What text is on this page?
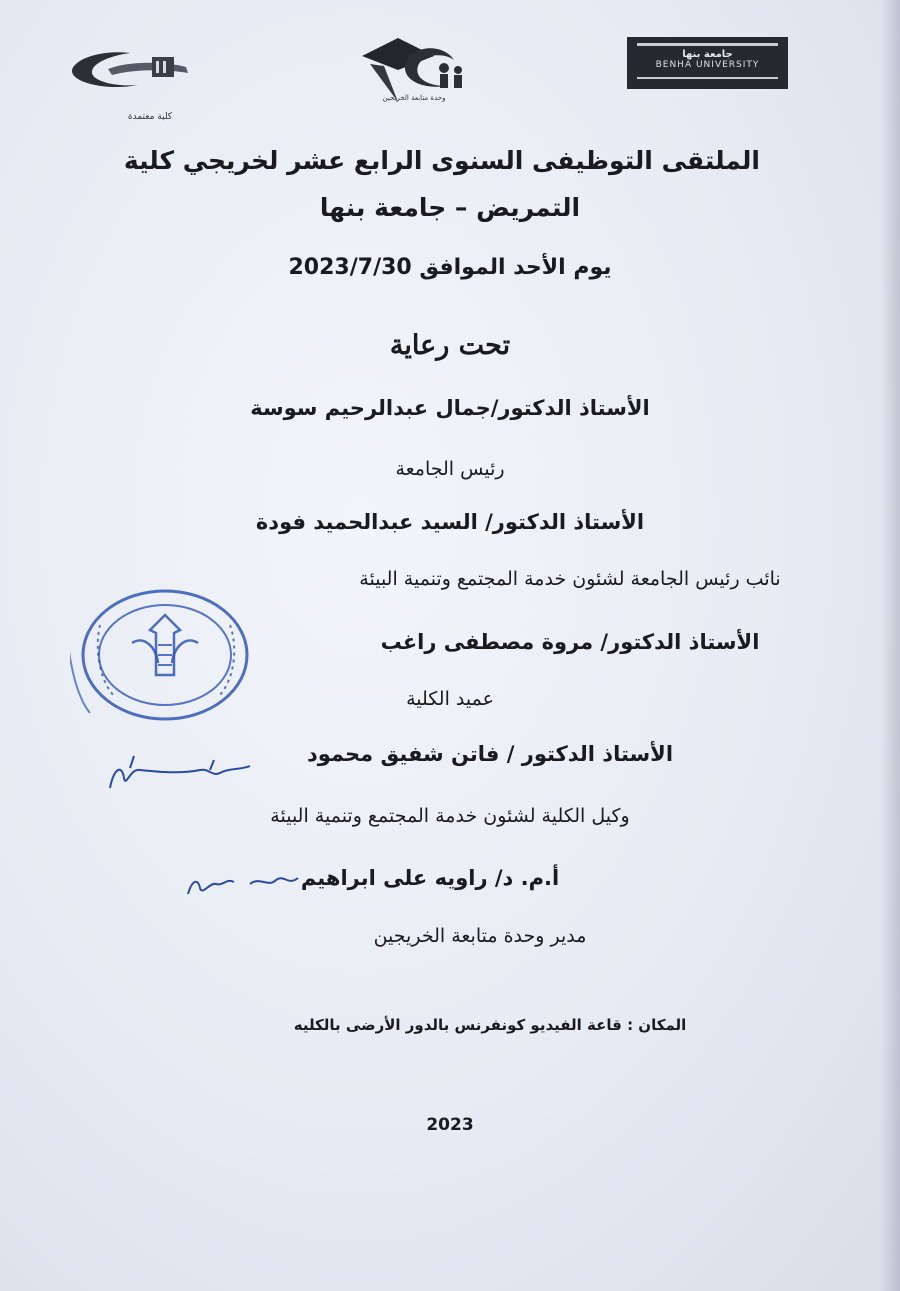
كلية معتمدة
وحدة متابعة الخريجين
جامعة بنها
BENHA UNIVERSITY
الملتقى التوظيفى السنوى الرابع عشر لخريجي كلية
التمريض – جامعة بنها
يوم الأحد الموافق 2023/7/30
تحت رعاية
الأستاذ الدكتور/جمال عبدالرحيم سوسة
رئيس الجامعة
الأستاذ الدكتور/ السيد عبدالحميد فودة
نائب رئيس الجامعة لشئون خدمة المجتمع وتنمية البيئة
الأستاذ الدكتور/ مروة مصطفى راغب
عميد الكلية
الأستاذ الدكتور / فاتن شفيق محمود
وكيل الكلية لشئون خدمة المجتمع وتنمية البيئة
أ.م. د/ راويه على ابراهيم
مدير وحدة متابعة الخريجين
المكان : قاعة الفيديو كونفرنس بالدور الأرضى بالكليه
2023
